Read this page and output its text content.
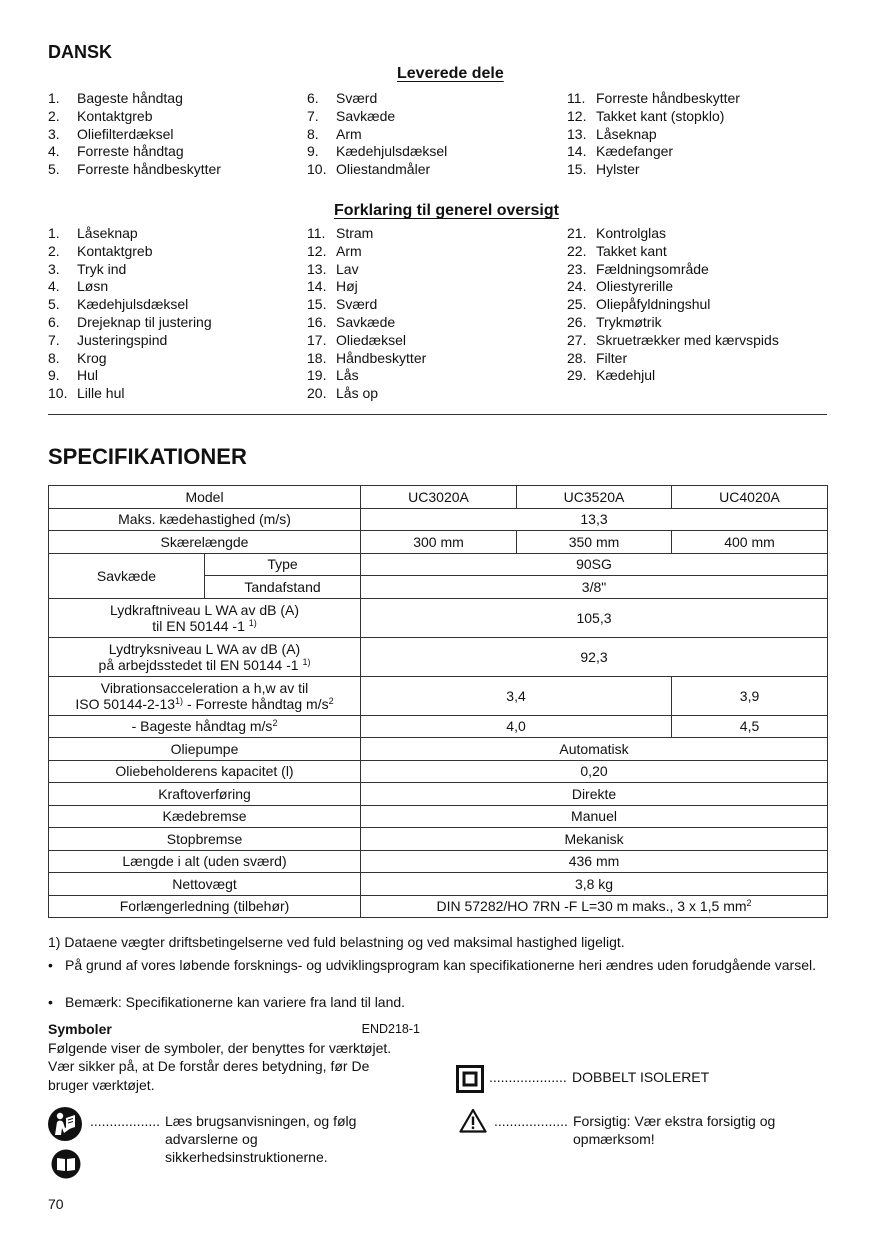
DANSK
Leverede dele
1.	Bageste håndtag
2.	Kontaktgreb
3.	Oliefilterdæksel
4.	Forreste håndtag
5.	Forreste håndbeskytter
6.	Sværd
7.	Savkæde
8.	Arm
9.	Kædehjulsdæksel
10. Oliestandmåler
11. Forreste håndbeskytter
12. Takket kant (stopklo)
13. Låseknap
14. Kædefanger
15. Hylster
Forklaring til generel oversigt
1.	Låseknap
2.	Kontaktgreb
3.	Tryk ind
4.	Løsn
5.	Kædehjulsdæksel
6.	Drejeknap til justering
7.	Justeringspind
8.	Krog
9.	Hul
10. Lille hul
11. Stram
12. Arm
13. Lav
14. Høj
15. Sværd
16. Savkæde
17. Oliedæksel
18. Håndbeskytter
19. Lås
20. Lås op
21. Kontrolglas
22. Takket kant
23. Fældningsområde
24. Oliestyrerille
25. Oliepåfyldningshul
26. Trykmøtrik
27. Skruetrækker med kærvspids
28. Filter
29. Kædehjul
SPECIFIKATIONER
Model		UC3020A	UC3520A	UC4020A
Maks. kædehastighed (m/s)		13,3		
Skærelængde		300 mm	350 mm	400 mm
Savkæde	Type	90SG		
	Tandafstand	3/8"		
Lydkraftniveau L WA av dB (A)
til EN 50144 -1 $^{1)}$		105,3		
Lydtryksniveau L WA av dB (A)
på arbejdsstedet til EN 50144 -1 $^{1)}$		92,3		
Vibrationsacceleration a h,w av til
ISO 50144-2-13$^{1)}$ - Forreste håndtag $m/s^2$		3,4		3,9
- Bageste håndtag $m/s^2$		4,0		4,5
Oliepumpe		Automatisk		
Oliebeholderens kapacitet (l)		0,20		
Kraftoverføring		Direkte		
Kædebremse		Manuel		
Stopbremse		Mekanisk		
Længde i alt (uden sværd)		436 mm		
Nettovægt		3,8 kg		
Forlængerledning (tilbehør)		DIN 57282/HO 7RN -F L=30 m maks., 3 x 1,5 $mm^2$
1) Dataene vægter driftsbetingelserne ved fuld belastning og ved maksimal hastighed ligeligt.
• På grund af vores løbende forsknings- og udviklingsprogram kan specifikationerne heri ændres uden forudgående varsel.
• Bemærk: Specifikationerne kan variere fra land til land.
Symboler	END218-1
Følgende viser de symboler, der benyttes for værktøjet. Vær sikker på, at De forstår deres betydning, før De bruger værktøjet.
.................. Læs brugsanvisningen, og følg
advarslerne og
sikkerhedsinstruktionerne.
.................... DOBBELT ISOLERET
................... Forsigtig: Vær ekstra forsigtig og
opmærksom!
70
